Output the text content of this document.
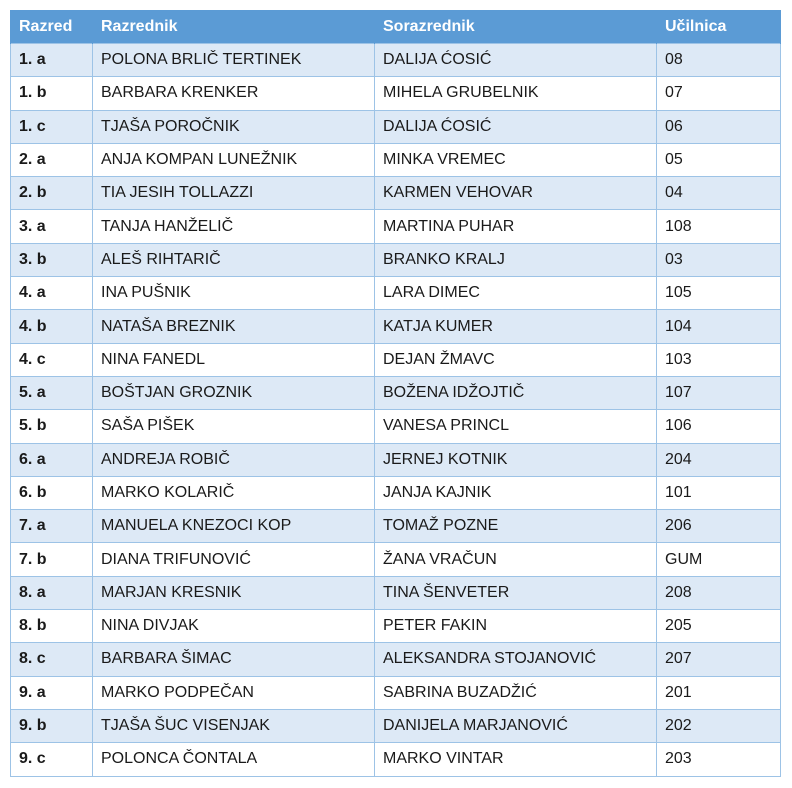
Razred	Razrednik	Sorazrednik	Učilnica
1. a	POLONA BRLIČ TERTINEK	DALIJA ĆOSIĆ	08
1. b	BARBARA KRENKER	MIHELA GRUBELNIK	07
1. c	TJAŠA POROČNIK	DALIJA ĆOSIĆ	06
2. a	ANJA KOMPAN LUNEŽNIK	MINKA VREMEC	05
2. b	TIA JESIH TOLLAZZI	KARMEN VEHOVAR	04
3. a	TANJA HANŽELIČ	MARTINA PUHAR	108
3. b	ALEŠ RIHTARIČ	BRANKO KRALJ	03
4. a	INA PUŠNIK	LARA DIMEC	105
4. b	NATAŠA BREZNIK	KATJA KUMER	104
4. c	NINA FANEDL	DEJAN ŽMAVC	103
5. a	BOŠTJAN GROZNIK	BOŽENA IDŽOJTIČ	107
5. b	SAŠA PIŠEK	VANESA PRINCL	106
6. a	ANDREJA ROBIČ	JERNEJ KOTNIK	204
6. b	MARKO KOLARIČ	JANJA KAJNIK	101
7. a	MANUELA KNEZOCI KOP	TOMAŽ POZNE	206
7. b	DIANA TRIFUNOVIĆ	ŽANA VRAČUN	GUM
8. a	MARJAN KRESNIK	TINA ŠENVETER	208
8. b	NINA DIVJAK	PETER FAKIN	205
8. c	BARBARA ŠIMAC	ALEKSANDRA STOJANOVIĆ	207
9. a	MARKO PODPEČAN	SABRINA BUZADŽIĆ	201
9. b	TJAŠA ŠUC VISENJAK	DANIJELA MARJANOVIĆ	202
9. c	POLONCA ČONTALA	MARKO VINTAR	203
